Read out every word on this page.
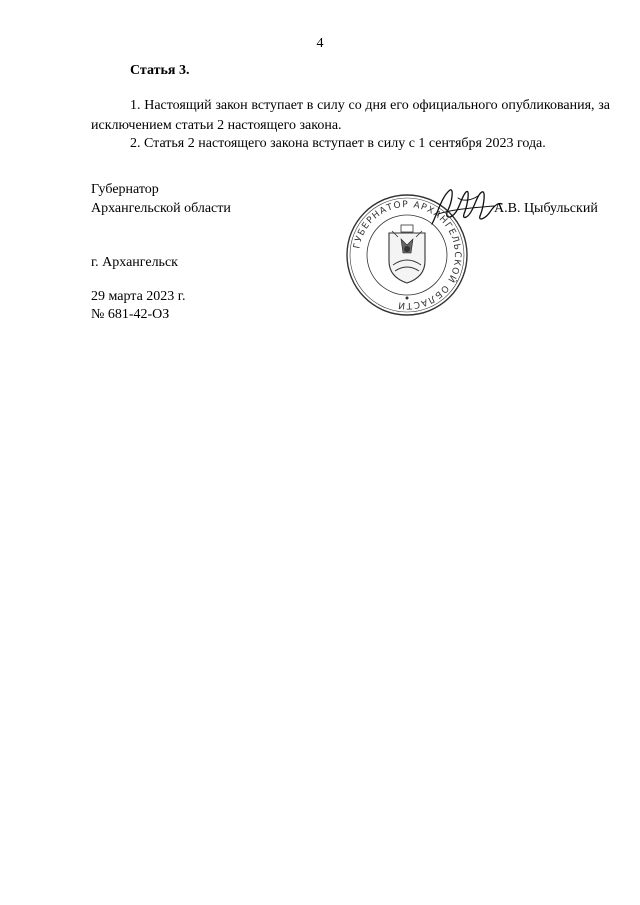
4
Статья 3.
1. Настоящий закон вступает в силу со дня его официального опубликования, за исключением статьи 2 настоящего закона.
2. Статья 2 настоящего закона вступает в силу с 1 сентября 2023 года.
Губернатор
Архангельской области
ГУБЕРНАТОР АРХАНГЕЛЬСКОЙ ОБЛАСТИ
А.В. Цыбульский
г. Архангельск
29 марта 2023 г.
№ 681-42-ОЗ
